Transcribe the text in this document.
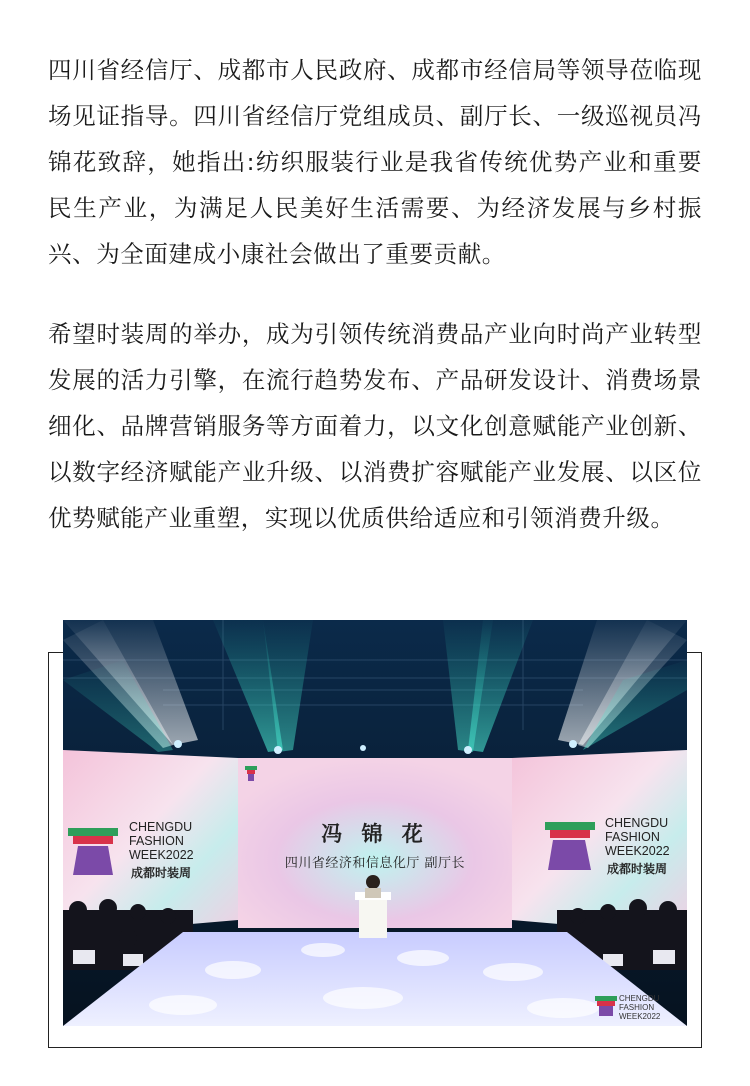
四川省经信厅、成都市人民政府、成都市经信局等领导莅临现场见证指导。四川省经信厅党组成员、副厅长、一级巡视员冯锦花致辞，她指出:纺织服装行业是我省传统优势产业和重要民生产业，为满足人民美好生活需要、为经济发展与乡村振兴、为全面建成小康社会做出了重要贡献。

希望时装周的举办，成为引领传统消费品产业向时尚产业转型发展的活力引擎，在流行趋势发布、产品研发设计、消费场景细化、品牌营销服务等方面着力，以文化创意赋能产业创新、以数字经济赋能产业升级、以消费扩容赋能产业发展、以区位优势赋能产业重塑，实现以优质供给适应和引领消费升级。

冯 锦 花
四川省经济和信息化厅 副厅长
CHENGDU
FASHION
WEEK2022
成都时装周
CHENGDU
FASHION
WEEK2022
成都时装周
CHENGDU
FASHION
WEEK2022
